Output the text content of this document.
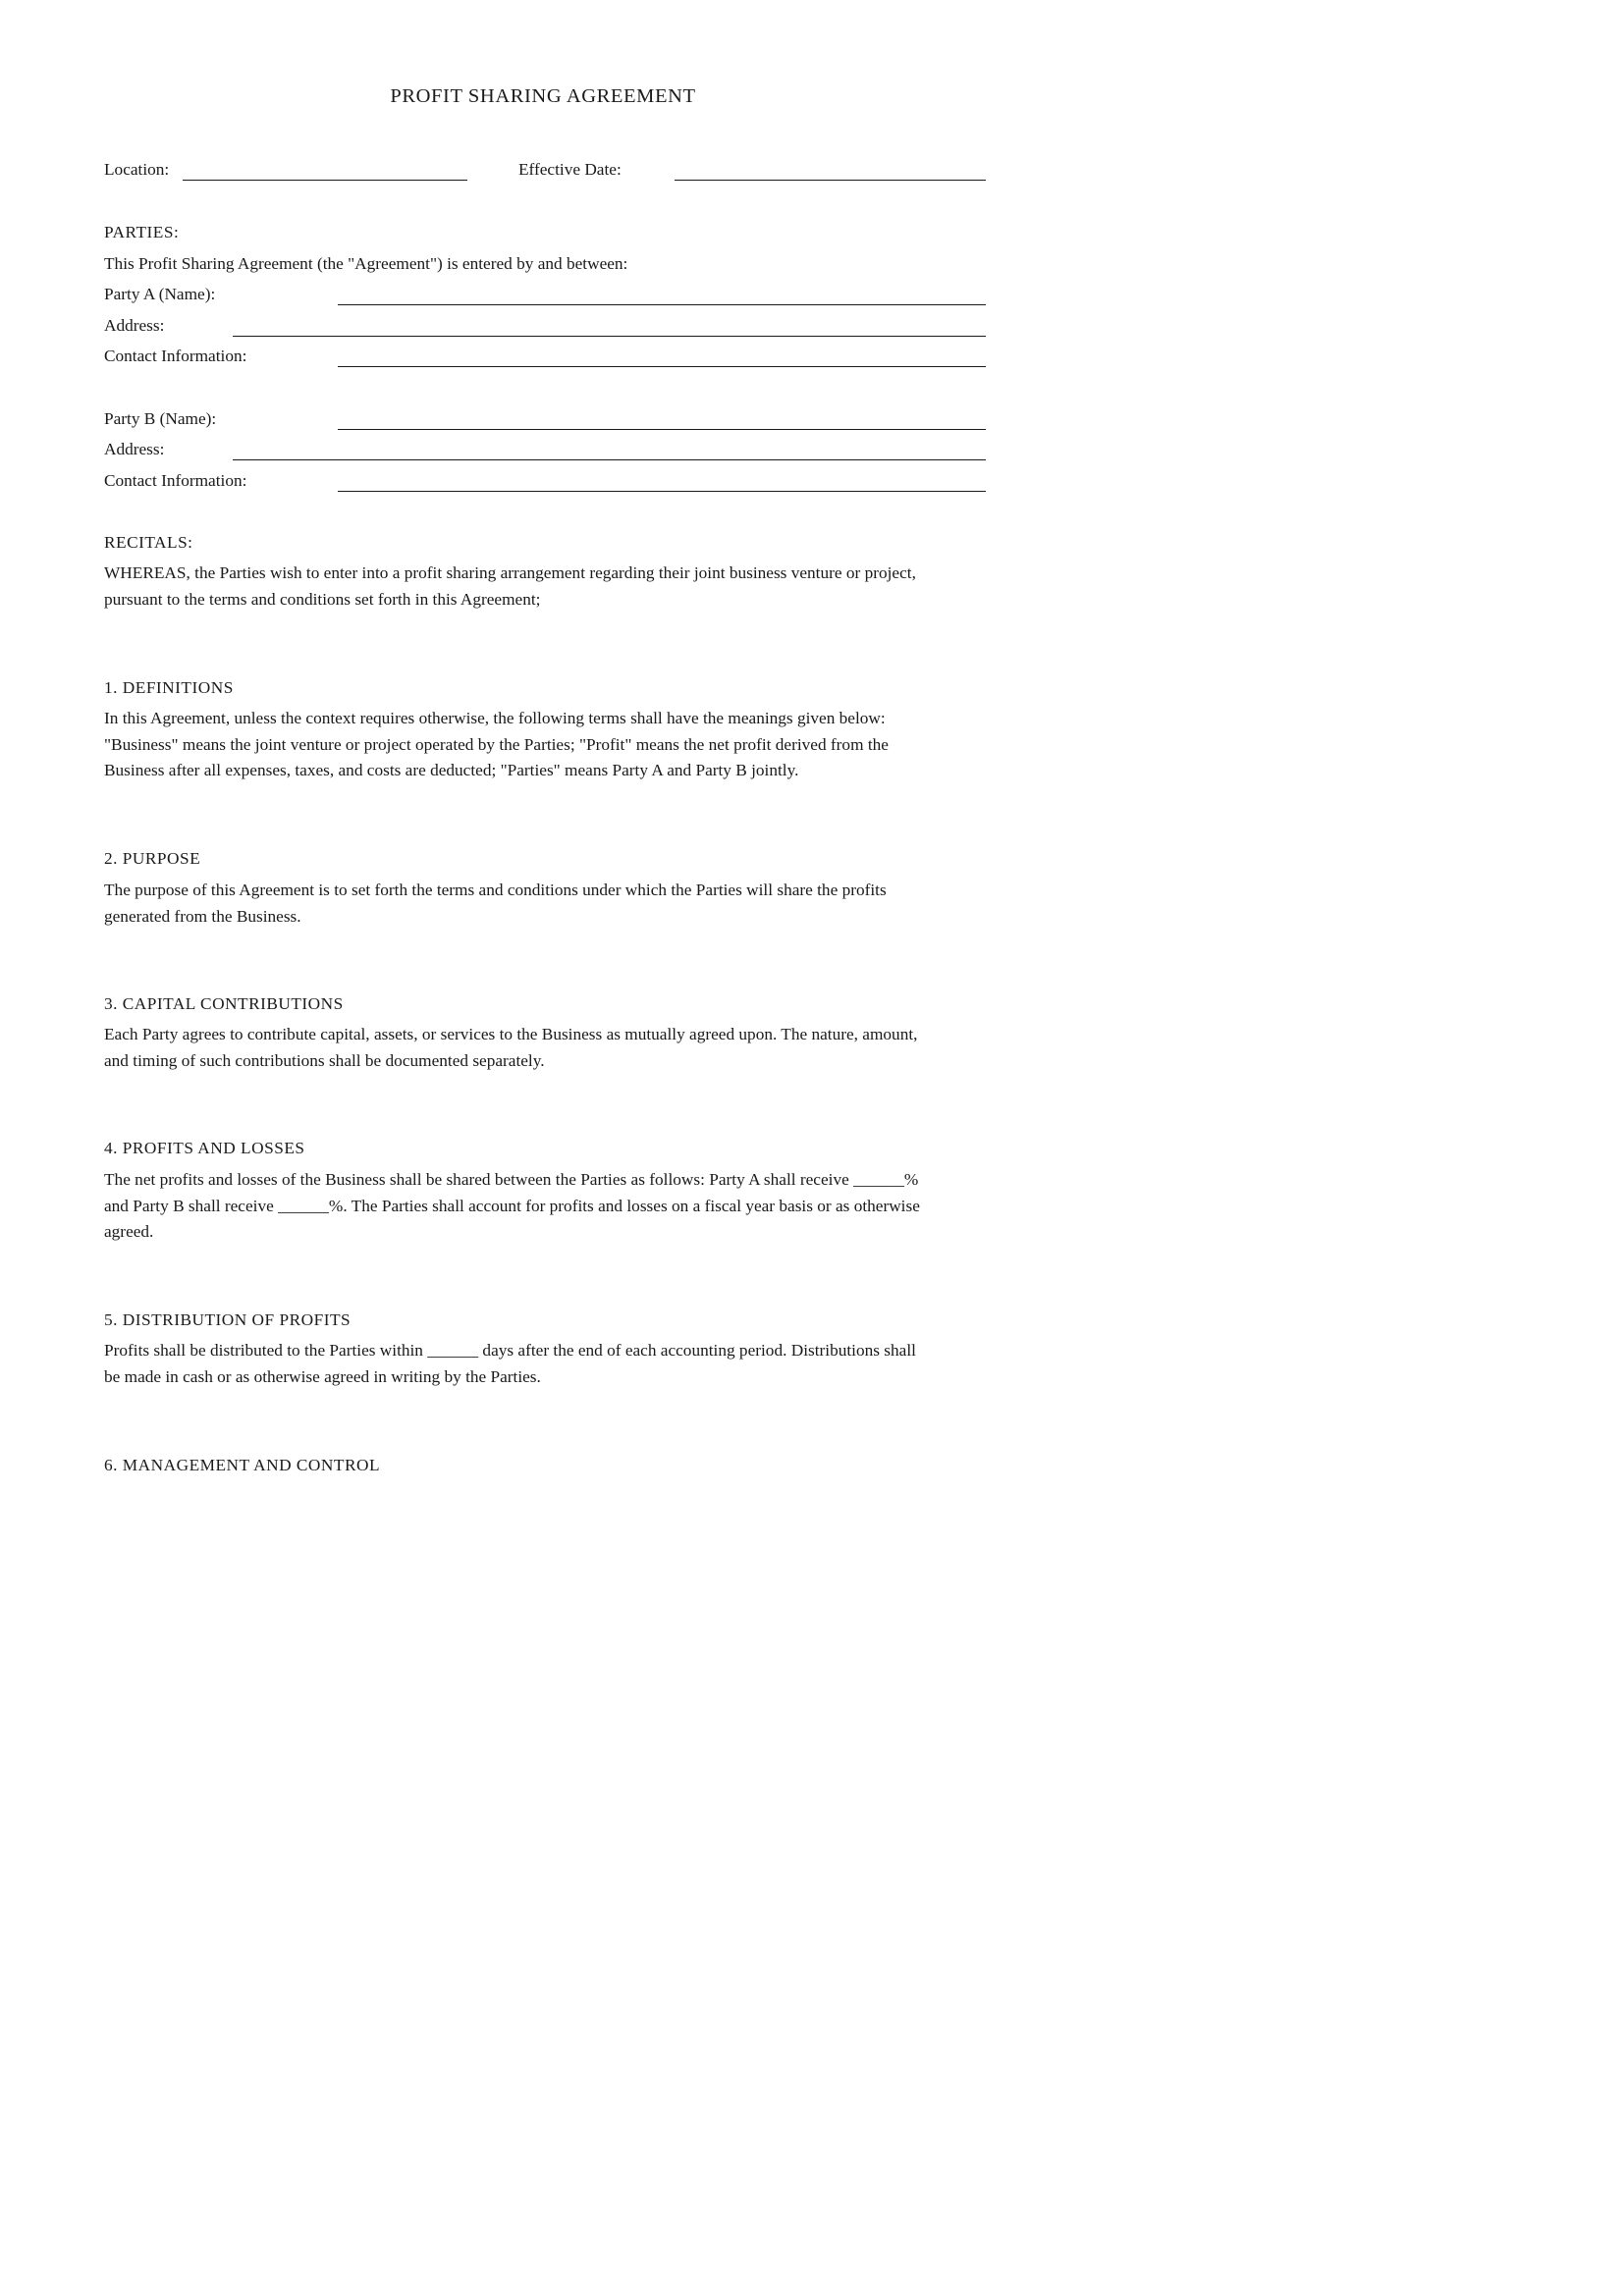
PROFIT SHARING AGREEMENT
Location:	Effective Date:
PARTIES:
This Profit Sharing Agreement (the "Agreement") is entered by and between:
Party A (Name):
Address:
Contact Information:
Party B (Name):
Address:
Contact Information:
RECITALS:
WHEREAS, the Parties wish to enter into a profit sharing arrangement regarding their joint business venture or project,
pursuant to the terms and conditions set forth in this Agreement;
1. DEFINITIONS
In this Agreement, unless the context requires otherwise, the following terms shall have the meanings given below:
"Business" means the joint venture or project operated by the Parties; "Profit" means the net profit derived from the
Business after all expenses, taxes, and costs are deducted; "Parties" means Party A and Party B jointly.
2. PURPOSE
The purpose of this Agreement is to set forth the terms and conditions under which the Parties will share the profits
generated from the Business.
3. CAPITAL CONTRIBUTIONS
Each Party agrees to contribute capital, assets, or services to the Business as mutually agreed upon. The nature, amount,
and timing of such contributions shall be documented separately.
4. PROFITS AND LOSSES
The net profits and losses of the Business shall be shared between the Parties as follows: Party A shall receive ______%
and Party B shall receive ______%. The Parties shall account for profits and losses on a fiscal year basis or as otherwise
agreed.
5. DISTRIBUTION OF PROFITS
Profits shall be distributed to the Parties within ______ days after the end of each accounting period. Distributions shall
be made in cash or as otherwise agreed in writing by the Parties.
6. MANAGEMENT AND CONTROL
